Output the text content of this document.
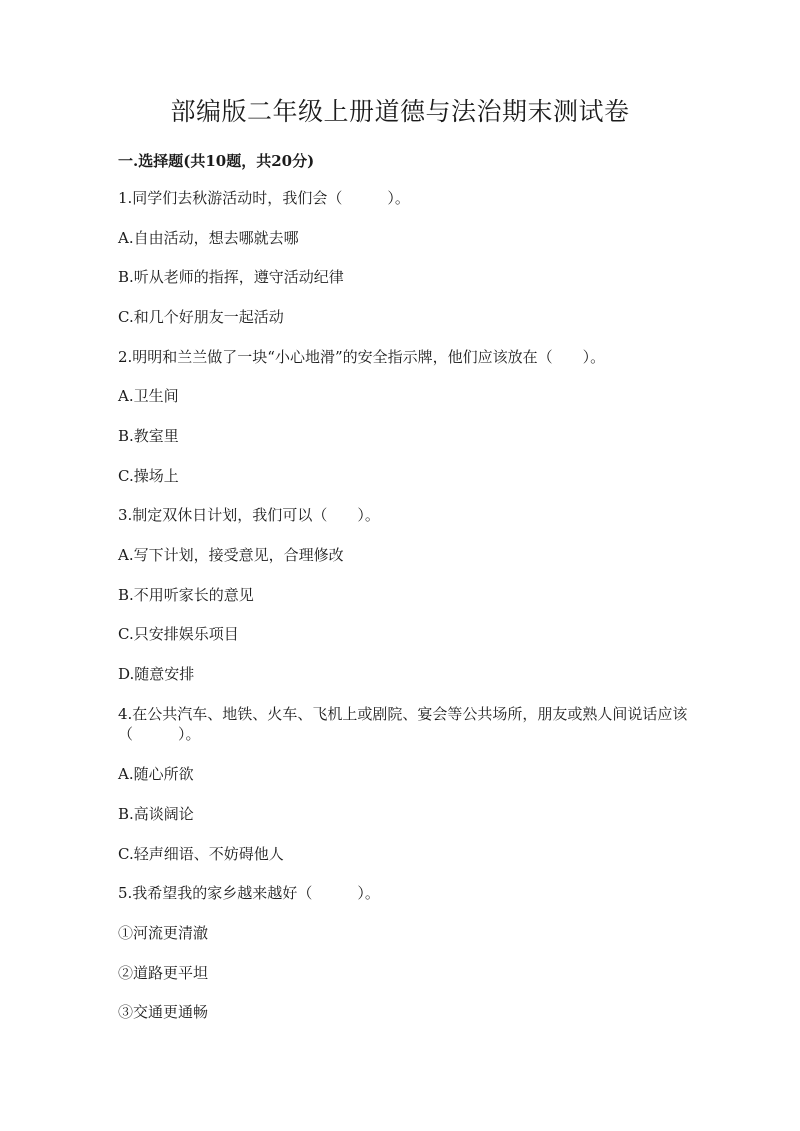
部编版二年级上册道德与法治期末测试卷
一.选择题(共10题，共20分)

1.同学们去秋游活动时，我们会（　　　）。

A.自由活动，想去哪就去哪

B.听从老师的指挥，遵守活动纪律

C.和几个好朋友一起活动

2.明明和兰兰做了一块“小心地滑”的安全指示牌，他们应该放在（　　）。

A.卫生间

B.教室里

C.操场上

3.制定双休日计划，我们可以（　　）。

A.写下计划，接受意见，合理修改

B.不用听家长的意见

C.只安排娱乐项目

D.随意安排

4.在公共汽车、地铁、火车、飞机上或剧院、宴会等公共场所，朋友或熟人间说话应该（　　　）。

A.随心所欲

B.高谈阔论

C.轻声细语、不妨碍他人

5.我希望我的家乡越来越好（　　　）。

①河流更清澈

②道路更平坦

③交通更通畅
